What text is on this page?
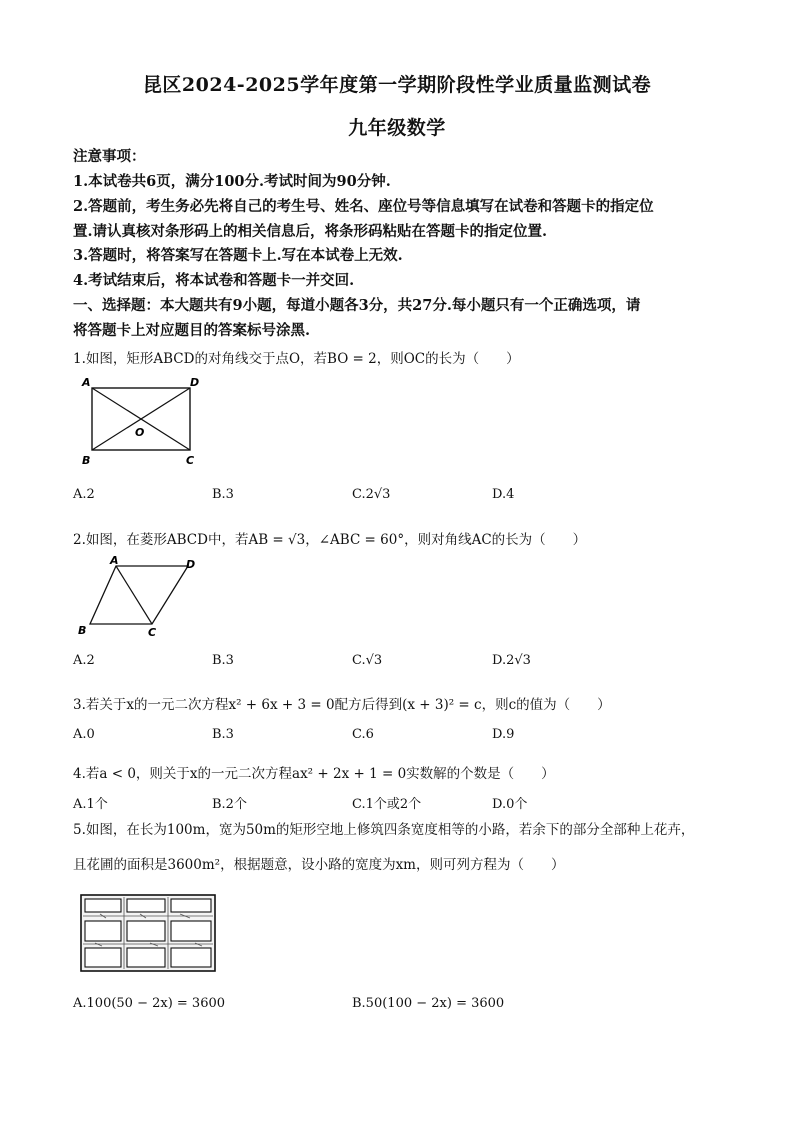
昆区2024-2025学年度第一学期阶段性学业质量监测试卷
九年级数学
注意事项：
1.本试卷共6页，满分100分.考试时间为90分钟.
2.答题前，考生务必先将自己的考生号、姓名、座位号等信息填写在试卷和答题卡的指定位
置.请认真核对条形码上的相关信息后，将条形码粘贴在答题卡的指定位置.
3.答题时，将答案写在答题卡上.写在本试卷上无效.
4.考试结束后，将本试卷和答题卡一并交回.
一、选择题：本大题共有9小题，每道小题各3分，共27分.每小题只有一个正确选项，请
将答题卡上对应题目的答案标号涂黑.
1.如图，矩形ABCD的对角线交于点O，若BO = 2，则OC的长为（　　）
A	D
O
B	C
A.2	B.3	C.2√3	D.4
2.如图，在菱形ABCD中，若AB = √3，∠ABC = 60°，则对角线AC的长为（　　）
A	D
B	C
A.2	B.3	C.√3	D.2√3
3.若关于x的一元二次方程x² + 6x + 3 = 0配方后得到(x + 3)² = c，则c的值为（　　）
A.0	B.3	C.6	D.9
4.若a < 0，则关于x的一元二次方程ax² + 2x + 1 = 0实数解的个数是（　　）
A.1个	B.2个	C.1个或2个	D.0个
5.如图，在长为100m，宽为50m的矩形空地上修筑四条宽度相等的小路，若余下的部分全部种上花卉，
且花圃的面积是3600m²，根据题意，设小路的宽度为xm，则可列方程为（　　）
A.100(50 − 2x) = 3600	B.50(100 − 2x) = 3600
